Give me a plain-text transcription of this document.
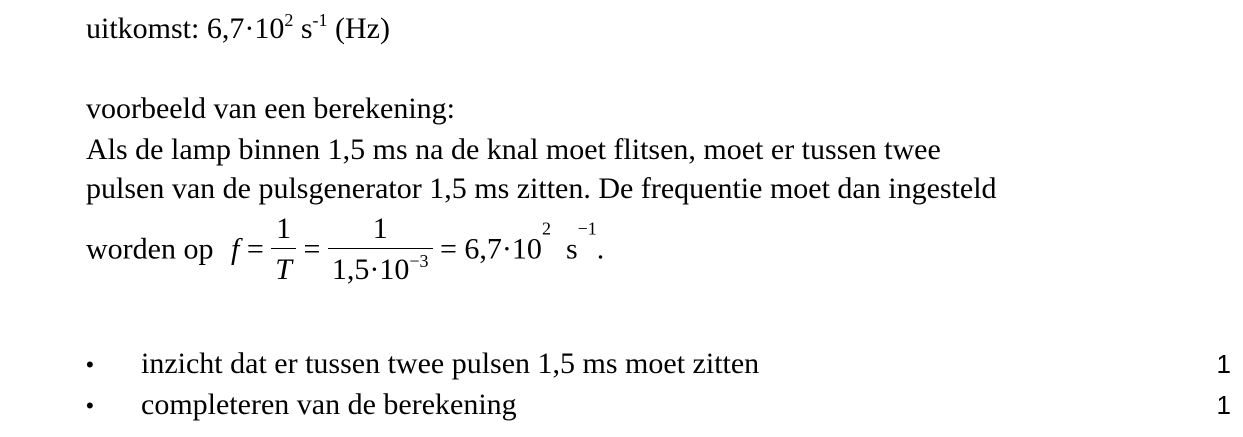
uitkomst: $6,7\cdot 10^2$ $s^{-1}$ (Hz)
voorbeeld van een berekening:
Als de lamp binnen 1,5 ms na de knal moet flitsen, moet er tussen twee
pulsen van de pulsgenerator 1,5 ms zitten. De frequentie moet dan ingesteld
worden op $f = \frac{1}{T} = \frac{1}{1,5\cdot 10^{-3}} = 6,7\cdot 10^2$  $s^{-1}$.
• inzicht dat er tussen twee pulsen 1,5 ms moet zitten	1
• completeren van de berekening	1
